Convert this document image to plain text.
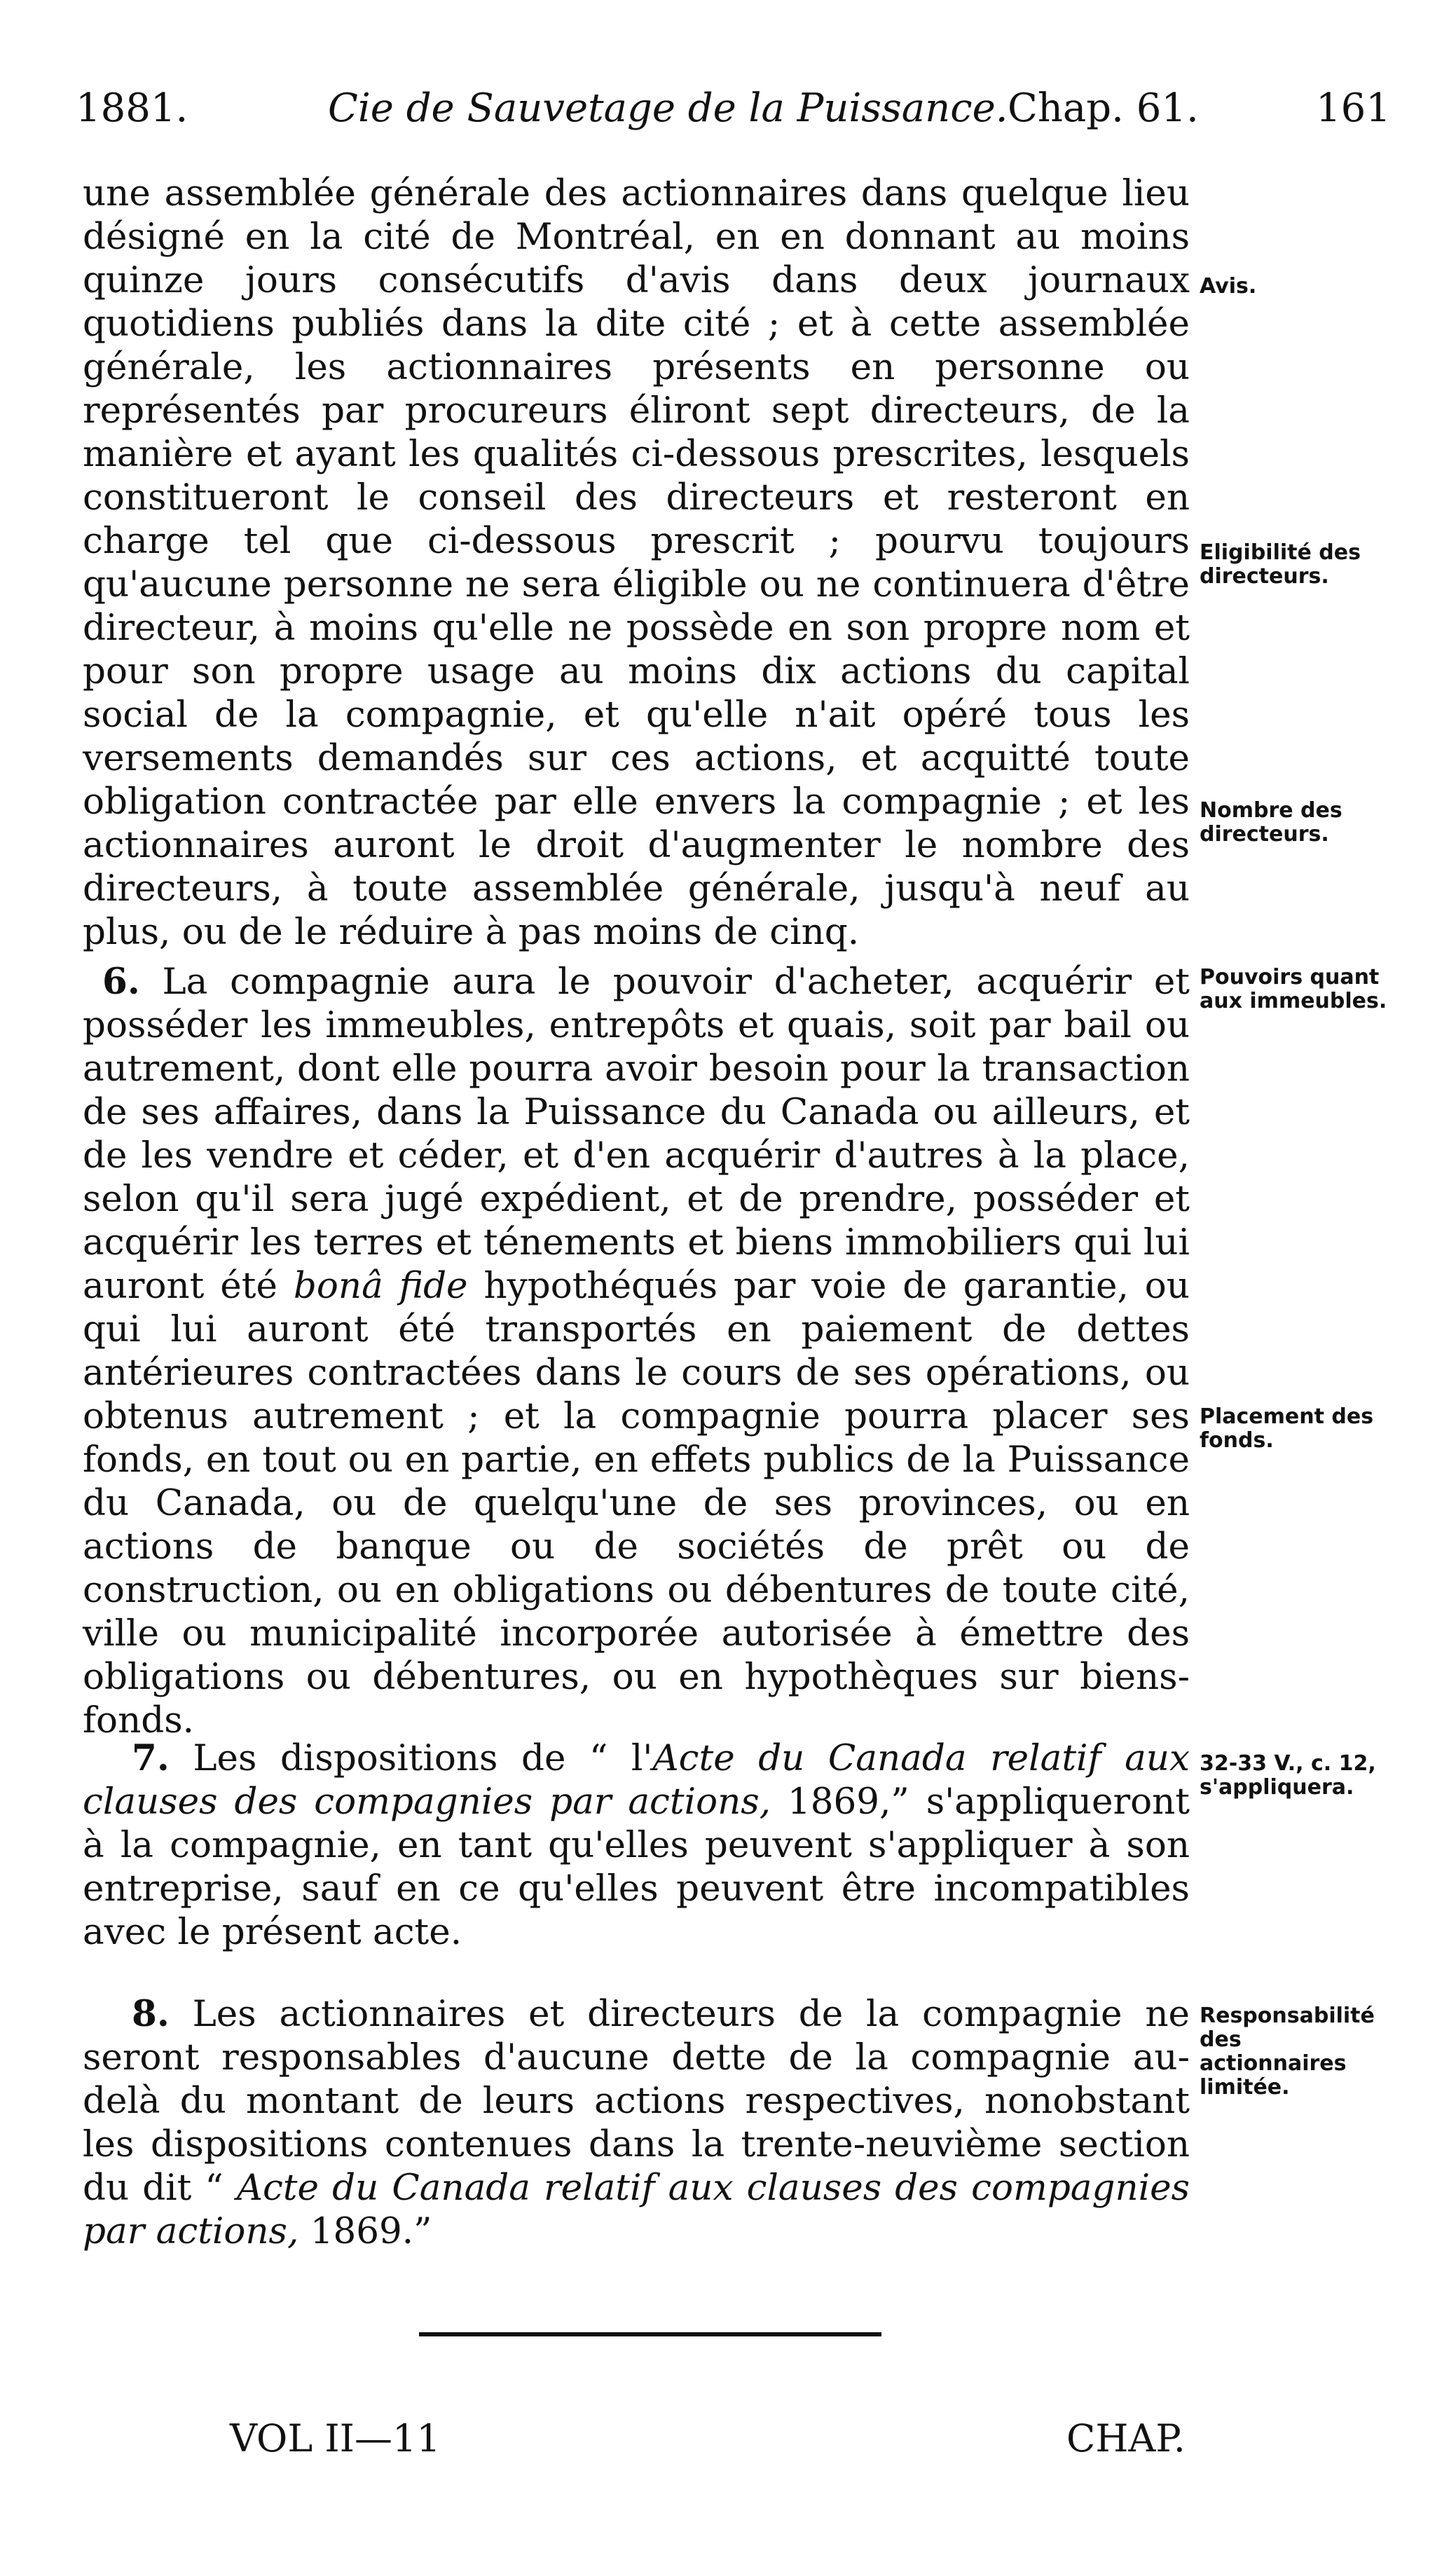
1881.	Cie de Sauvetage de la Puissance. Chap. 61.	161
une assemblée générale des actionnaires dans quelque lieu désigné en la cité de Montréal, en en donnant au moins quinze jours consécutifs d'avis dans deux journaux quotidiens publiés dans la dite cité ; et à cette assemblée générale, les actionnaires présents en personne ou représentés par procureurs éliront sept directeurs, de la manière et ayant les qualités ci-dessous prescrites, lesquels constitueront le conseil des directeurs et resteront en charge tel que ci-dessous prescrit ; pourvu toujours qu'aucune personne ne sera éligible ou ne continuera d'être directeur, à moins qu'elle ne possède en son propre nom et pour son propre usage au moins dix actions du capital social de la compagnie, et qu'elle n'ait opéré tous les versements demandés sur ces actions, et acquitté toute obligation contractée par elle envers la compagnie ; et les actionnaires auront le droit d'augmenter le nombre des directeurs, à toute assemblée générale, jusqu'à neuf au plus, ou de le réduire à pas moins de cinq.
6. La compagnie aura le pouvoir d'acheter, acquérir et posséder les immeubles, entrepôts et quais, soit par bail ou autrement, dont elle pourra avoir besoin pour la transaction de ses affaires, dans la Puissance du Canada ou ailleurs, et de les vendre et céder, et d'en acquérir d'autres à la place, selon qu'il sera jugé expédient, et de prendre, posséder et acquérir les terres et ténements et biens immobiliers qui lui auront été bonâ fide hypothéqués par voie de garantie, ou qui lui auront été transportés en paiement de dettes antérieures contractées dans le cours de ses opérations, ou obtenus autrement ; et la compagnie pourra placer ses fonds, en tout ou en partie, en effets publics de la Puissance du Canada, ou de quelqu'une de ses provinces, ou en actions de banque ou de sociétés de prêt ou de construction, ou en obligations ou débentures de toute cité, ville ou municipalité incorporée autorisée à émettre des obligations ou débentures, ou en hypothèques sur biens-fonds.
7. Les dispositions de “ l'Acte du Canada relatif aux clauses des compagnies par actions, 1869,” s'appliqueront à la compagnie, en tant qu'elles peuvent s'appliquer à son entreprise, sauf en ce qu'elles peuvent être incompatibles avec le présent acte.
8. Les actionnaires et directeurs de la compagnie ne seront responsables d'aucune dette de la compagnie au-delà du montant de leurs actions respectives, nonobstant les dispositions contenues dans la trente-neuvième section du dit “ Acte du Canada relatif aux clauses des compagnies par actions, 1869.”
Avis.
Eligibilité des directeurs.
Nombre des directeurs.
Pouvoirs quant aux immeubles.
Placement des fonds.
32-33 V., c. 12, s'appliquera.
Responsabilité des actionnaires limitée.
VOL II—11	CHAP.
